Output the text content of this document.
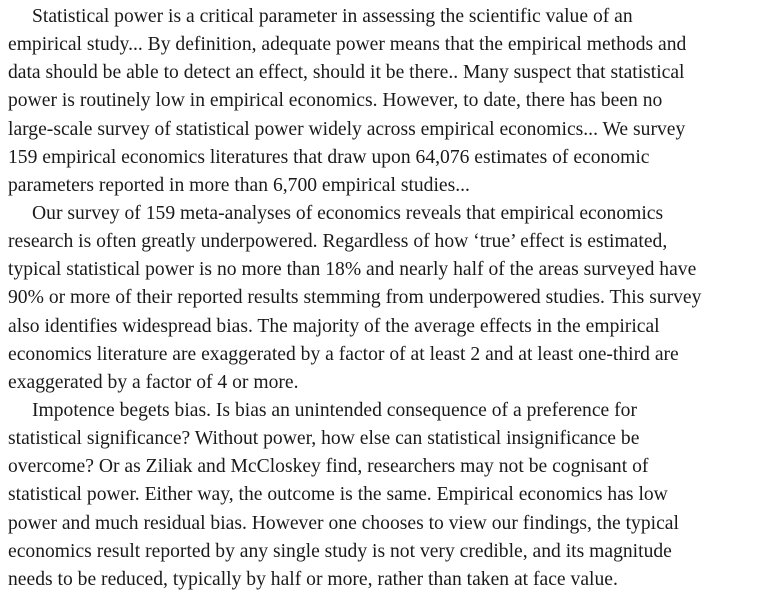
Statistical power is a critical parameter in assessing the scientific value of an
empirical study... By definition, adequate power means that the empirical methods and
data should be able to detect an effect, should it be there.. Many suspect that statistical
power is routinely low in empirical economics. However, to date, there has been no
large-scale survey of statistical power widely across empirical economics... We survey
159 empirical economics literatures that draw upon 64,076 estimates of economic
parameters reported in more than 6,700 empirical studies...
Our survey of 159 meta-analyses of economics reveals that empirical economics
research is often greatly underpowered. Regardless of how ‘true’ effect is estimated,
typical statistical power is no more than 18% and nearly half of the areas surveyed have
90% or more of their reported results stemming from underpowered studies. This survey
also identifies widespread bias. The majority of the average effects in the empirical
economics literature are exaggerated by a factor of at least 2 and at least one-third are
exaggerated by a factor of 4 or more.
Impotence begets bias. Is bias an unintended consequence of a preference for
statistical significance? Without power, how else can statistical insignificance be
overcome? Or as Ziliak and McCloskey find, researchers may not be cognisant of
statistical power. Either way, the outcome is the same. Empirical economics has low
power and much residual bias. However one chooses to view our findings, the typical
economics result reported by any single study is not very credible, and its magnitude
needs to be reduced, typically by half or more, rather than taken at face value.
